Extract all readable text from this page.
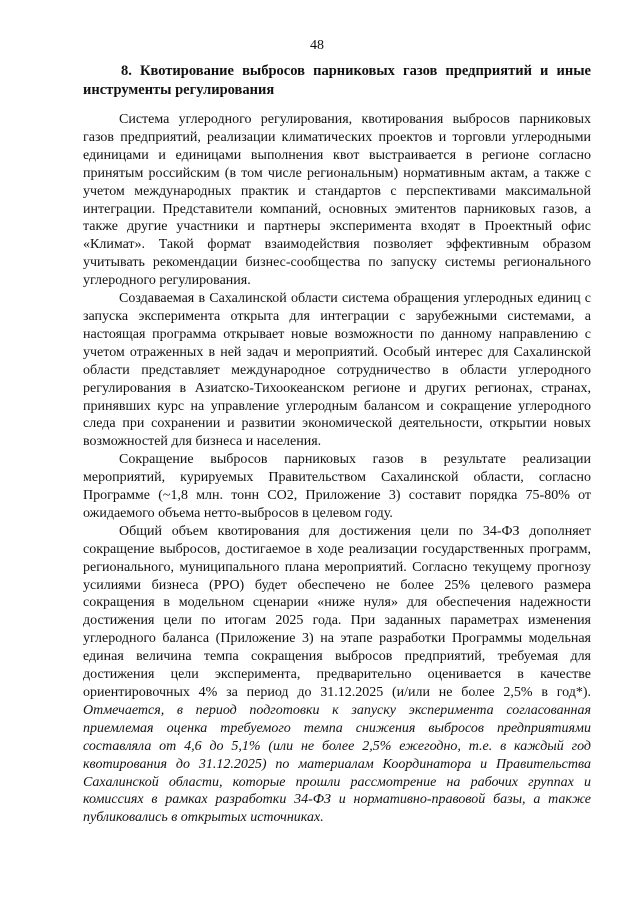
48
8. Квотирование выбросов парниковых газов предприятий и иные инструменты регулирования

Система углеродного регулирования, квотирования выбросов парниковых газов предприятий, реализации климатических проектов и торговли углеродными единицами и единицами выполнения квот выстраивается в регионе согласно принятым российским (в том числе региональным) нормативным актам, а также с учетом международных практик и стандартов с перспективами максимальной интеграции. Представители компаний, основных эмитентов парниковых газов, а также другие участники и партнеры эксперимента входят в Проектный офис «Климат». Такой формат взаимодействия позволяет эффективным образом учитывать рекомендации бизнес-сообщества по запуску системы регионального углеродного регулирования.

Создаваемая в Сахалинской области система обращения углеродных единиц с запуска эксперимента открыта для интеграции с зарубежными системами, а настоящая программа открывает новые возможности по данному направлению с учетом отраженных в ней задач и мероприятий. Особый интерес для Сахалинской области представляет международное сотрудничество в области углеродного регулирования в Азиатско-Тихоокеанском регионе и других регионах, странах, принявших курс на управление углеродным балансом и сокращение углеродного следа при сохранении и развитии экономической деятельности, открытии новых возможностей для бизнеса и населения.

Сокращение выбросов парниковых газов в результате реализации мероприятий, курируемых Правительством Сахалинской области, согласно Программе (~1,8 млн. тонн CO2, Приложение 3) составит порядка 75-80% от ожидаемого объема нетто-выбросов в целевом году.

Общий объем квотирования для достижения цели по 34-ФЗ дополняет сокращение выбросов, достигаемое в ходе реализации государственных программ, регионального, муниципального плана мероприятий. Согласно текущему прогнозу усилиями бизнеса (РРО) будет обеспечено не более 25% целевого размера сокращения в модельном сценарии «ниже нуля» для обеспечения надежности достижения цели по итогам 2025 года. При заданных параметрах изменения углеродного баланса (Приложение 3) на этапе разработки Программы модельная единая величина темпа сокращения выбросов предприятий, требуемая для достижения цели эксперимента, предварительно оценивается в качестве ориентировочных 4% за период до 31.12.2025 (и/или не более 2,5% в год*). Отмечается, в период подготовки к запуску эксперимента согласованная приемлемая оценка требуемого темпа снижения выбросов предприятиями составляла от 4,6 до 5,1% (или не более 2,5% ежегодно, т.е. в каждый год квотирования до 31.12.2025) по материалам Координатора и Правительства Сахалинской области, которые прошли рассмотрение на рабочих группах и комиссиях в рамках разработки 34-ФЗ и нормативно-правовой базы, а также публиковались в открытых источниках.
